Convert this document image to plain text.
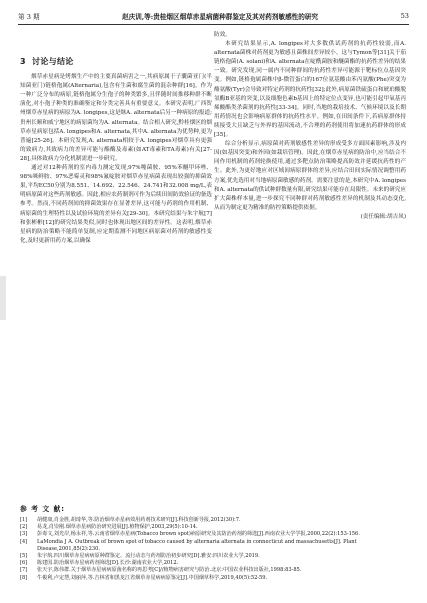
第 3 期	赵庆训,等:贵桂烟区烟草赤星病菌种群鉴定及其对药剂敏感性的研究	53
3 讨论与结论

烟草赤星病是烤烟生产中的主要真菌病害之一,其病原属于子囊菌亚门(半知菌亚门)链格孢属(Alternaria),包含有生菌和腐生菌的混杂种群[16]。作为一种广泛分布的病原,链格孢属分生孢子的种类繁多,且伴随时间推移种群不断演化,对小孢子种类的准确鉴定和分类完善具有重要意义。本研究表明,广西贺州烟草赤星病的病原为A. longipes,这是继A. alternata后另一种病原的报道;贵州长顺和威宁地区的病原菌均为A. alternata。结合相人研究,黔桂烟区的烟草赤星病原包括A. longipes和A. alternata,其中A. alternata为优势种,更为普遍[25-26]。本研究发现,A. alternata相较于A. longipes对烟草具有更强的致病力,其致病力的差异可能与酯酶及毒素(如AT毒素和TA毒素)有关[27-28],具体致病力分化机制需进一步研究。

通过对12种药剂的室内毒力测定发现,97%噻菌胺、95%苯醚甲环唑、98%咪鲜胺、97%恶霉灵和98%氟啶胺对烟草赤星病菌表现出较强的抑菌效果,平均EC50分别为8.551、14.692、22.546、24.741和32.008 mg/L,表明病原菌对这些药剂敏感。因此,相应农药制剂可作为后续田间防效验证的备选参考。然而,不同药剂间的抑菌效果存在显著差异,这可能与药剂的作用机制、病原菌的生理特性以及试验环境的差异有关[29-30]。本研究结果与朱宇航[7]和张彬彬[12]的研究结果类似,同时也体现出地区间的差异性。这表明,烟草赤星病的防治策略不能简单复制,应定期监测不同地区病原菌对药剂的敏感性变化,及时更新用药方案,以确保

防效。

本研究结果显示,A. longipes对大多数供试药剂的抗药性较弱,而A. alternata菌株对药剂更为敏感且菌株间差异较小。这与Tymon等[31]关于茄链格孢菌(A. solani)和A. alternata在啶酰菌胺和醚菌酯的抗药性差异的结果一致。研究发现,同一属内不同种群间的抗药性差异可能源于靶标位点基因突变。例如,链格孢属菌株中β-微管蛋白的167位氨基酸由苯丙氨酸(Phe)突变为酪氨酸(Tyr)会导致对特定药剂的抗药性[32];此外,病原菌铁硫蛋白和琥珀酸脱氢酶B亚基的突变,以及细胞色素b基因上的特定位点变异,也可能引起甲氧基丙烯酸酯类杀菌剂的抗药性[33-34]。同时,当地的栽培技术、气候环境以及长期用药情况也会影响病原群体的抗药性水平。例如,在田间条件下,若病原群体持续接受大且缺乏与外界的基因流动,不合理的药剂使用将加速抗药群体的形成[35]。

综合分析显示,病原菌对药剂敏感性差异的形成受多方面因素影响,涉及内因(如基因突变)和外因(如栽培管理)。因此,在烟草赤星病的防治中,应当结合不同作用机制的药剂轮换使用,通过多靶点防治策略提高防效并延缓抗药性的产生。此外,为更好地应对区域间病原群体的差异,应结合田间实际情况调整用药方案,优先选用对当地病原菌敏感的药剂。需要注意的是,本研究中A. longipes和A. alternata的供试种群数量有限,研究结果可能存在局限性。未来的研究应扩大菌株样本量,进一步探究不同种群对药剂敏感性差异的机制及其动态变化,从而为制定更为精准的防控策略提供依据。

(责任编辑:胡吉凤)

参 考 文 献:
[1]	胡健康,肖金胜,胡琦华,等.防治烟草赤星病效用药剂技术研究[J].科技创新导报,2012(30):7.
[2]	易龙,肖崇刚.烟草赤星病防治研究进展[J].植物保护,2003,29(5):10-14.
[3]	彭毒文,刘光岸,杨永祥,等.云南省烟草赤星病(Tobacco brown spot)病原研究及其防治药剂的筛选[J].西南农业大学学报,2000,22(2):153-156.
[4]	LaMondia J A. Outbreak of brown spot of tobacco caused by alternaria alternata in connecticut and massachusetts[J]. Plant Disease,2001,85(2):230.
[5]	朱宇航.四川烟草赤星病病原种群鉴定、流行动态与药剂防治初步研究[D].雅安:四川农业大学,2019.
[6]	陈建国.防治烟草赤星病药剂筛选[D].长沙:湖南农业大学,2012.
[7]	张天宇,陈伟群.关于烟草赤星病病原菌名称的再思考[C]//植物病害研究与防治.北京:中国农业科技出版社,1998:83-85.
[8]	牛俊利,卢定慧,刘丽萍,等.吉林省和黑龙江省烟草赤星病病原鉴定[J].中国烟草科学,2019,40(5):52-59.
